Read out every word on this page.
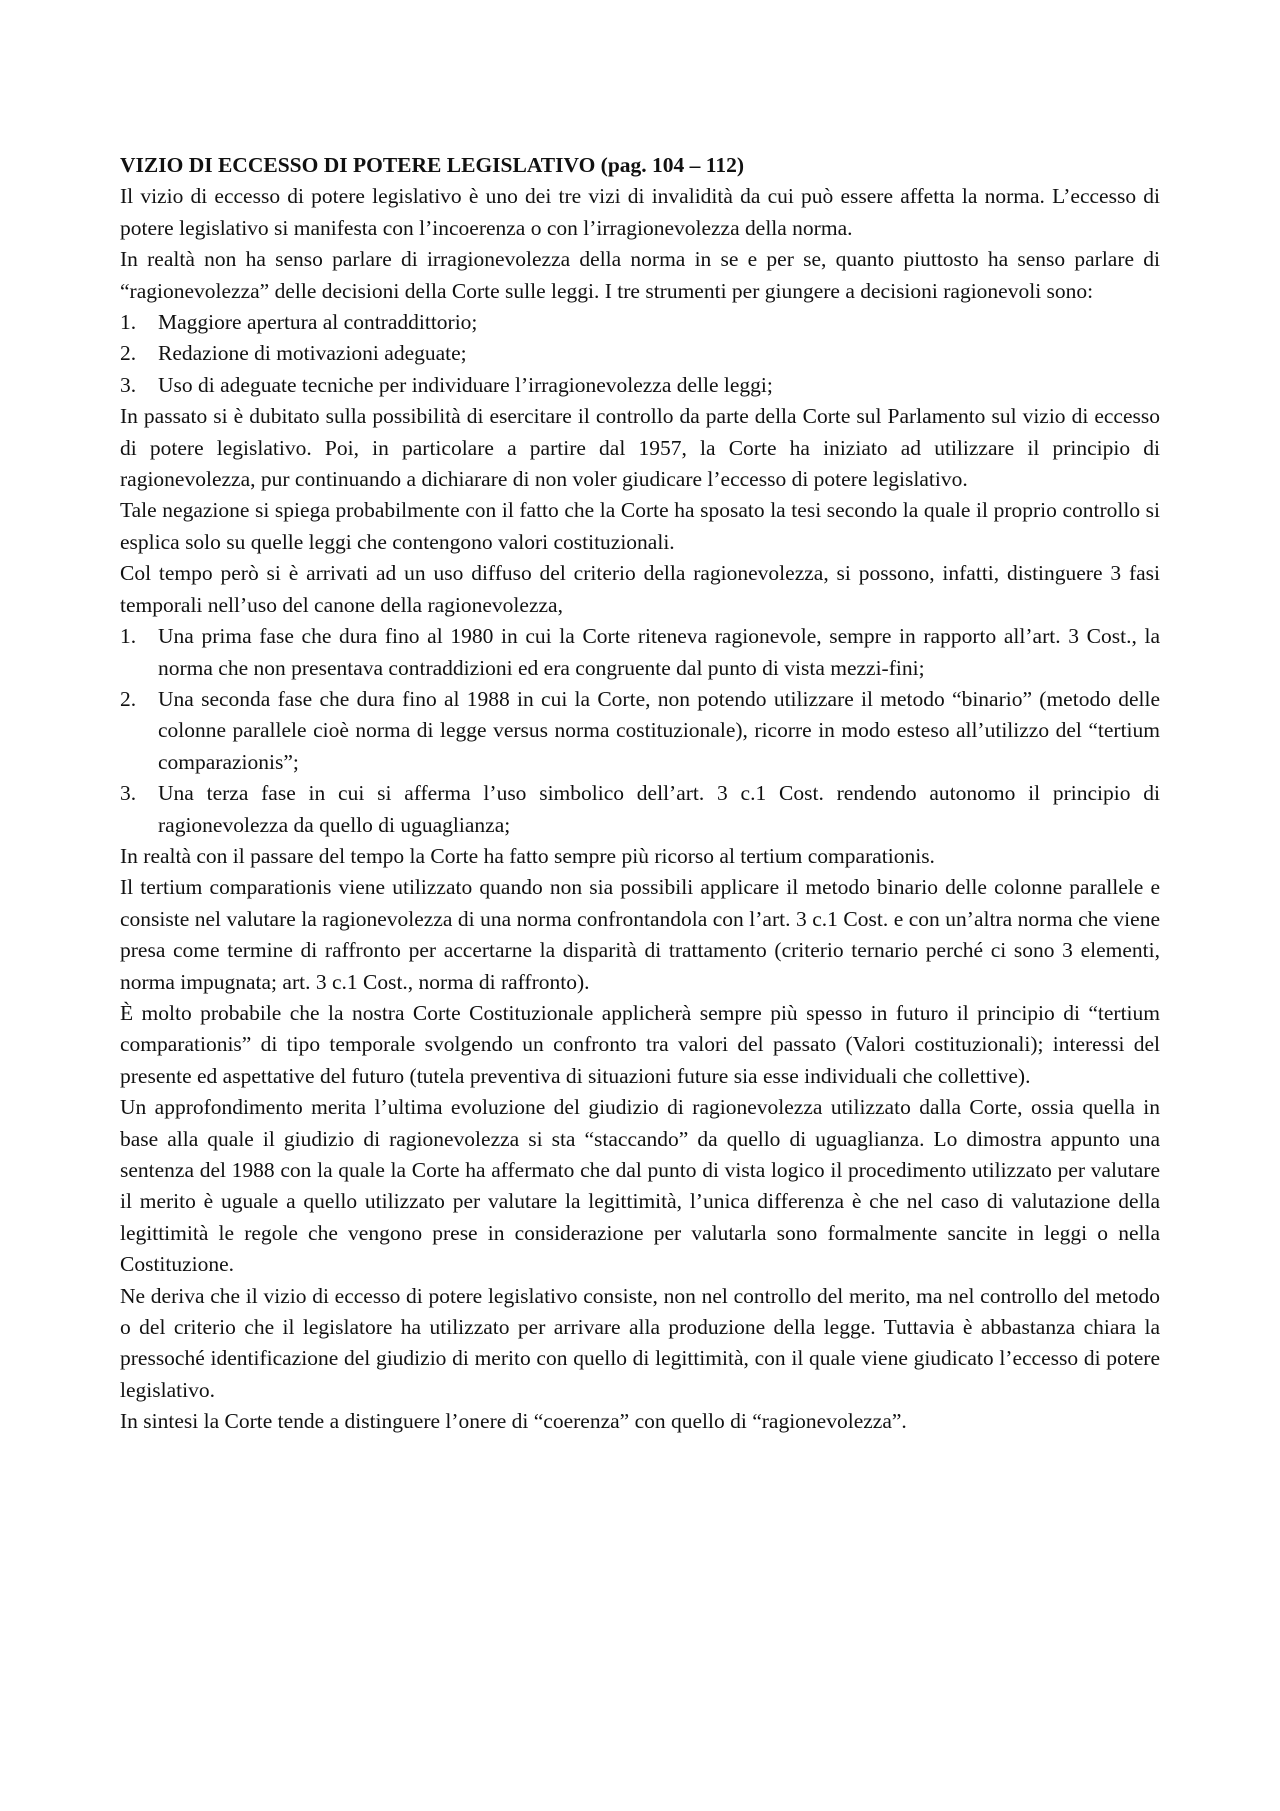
VIZIO DI ECCESSO DI POTERE LEGISLATIVO (pag. 104 – 112)

Il vizio di eccesso di potere legislativo è uno dei tre vizi di invalidità da cui può essere affetta la norma. L’eccesso di potere legislativo si manifesta con l’incoerenza o con l’irragionevolezza della norma.

In realtà non ha senso parlare di irragionevolezza della norma in se e per se, quanto piuttosto ha senso parlare di “ragionevolezza” delle decisioni della Corte sulle leggi. I tre strumenti per giungere a decisioni ragionevoli sono:

1.	Maggiore apertura al contraddittorio;
2.	Redazione di motivazioni adeguate;
3.	Uso di adeguate tecniche per individuare l’irragionevolezza delle leggi;

In passato si è dubitato sulla possibilità di esercitare il controllo da parte della Corte sul Parlamento sul vizio di eccesso di potere legislativo. Poi, in particolare a partire dal 1957, la Corte ha iniziato ad utilizzare il principio di ragionevolezza, pur continuando a dichiarare di non voler giudicare l’eccesso di potere legislativo.

Tale negazione si spiega probabilmente con il fatto che la Corte ha sposato la tesi secondo la quale il proprio controllo si esplica solo su quelle leggi che contengono valori costituzionali.

Col tempo però si è arrivati ad un uso diffuso del criterio della ragionevolezza, si possono, infatti, distinguere 3 fasi temporali nell’uso del canone della ragionevolezza,

1.	Una prima fase che dura fino al 1980 in cui la Corte riteneva ragionevole, sempre in rapporto all’art. 3 Cost., la norma che non presentava contraddizioni ed era congruente dal punto di vista mezzi-fini;
2.	Una seconda fase che dura fino al 1988 in cui la Corte, non potendo utilizzare il metodo “binario” (metodo delle colonne parallele cioè norma di legge versus norma costituzionale), ricorre in modo esteso all’utilizzo del “tertium comparazionis”;
3.	Una terza fase in cui si afferma l’uso simbolico dell’art. 3 c.1 Cost. rendendo autonomo il principio di ragionevolezza da quello di uguaglianza;

In realtà con il passare del tempo la Corte ha fatto sempre più ricorso al tertium comparationis.

Il tertium comparationis viene utilizzato quando non sia possibili applicare il metodo binario delle colonne parallele e consiste nel valutare la ragionevolezza di una norma confrontandola con l’art. 3 c.1 Cost. e con un’altra norma che viene presa come termine di raffronto per accertarne la disparità di trattamento (criterio ternario perché ci sono 3 elementi, norma impugnata; art. 3 c.1 Cost., norma di raffronto).

È molto probabile che la nostra Corte Costituzionale applicherà sempre più spesso in futuro il principio di “tertium comparationis” di tipo temporale svolgendo un confronto tra valori del passato (Valori costituzionali); interessi del presente ed aspettative del futuro (tutela preventiva di situazioni future sia esse individuali che collettive).

Un approfondimento merita l’ultima evoluzione del giudizio di ragionevolezza utilizzato dalla Corte, ossia quella in base alla quale il giudizio di ragionevolezza si sta “staccando” da quello di uguaglianza. Lo dimostra appunto una sentenza del 1988 con la quale la Corte ha affermato che dal punto di vista logico il procedimento utilizzato per valutare il merito è uguale a quello utilizzato per valutare la legittimità, l’unica differenza è che nel caso di valutazione della legittimità le regole che vengono prese in considerazione per valutarla sono formalmente sancite in leggi o nella Costituzione.

Ne deriva che il vizio di eccesso di potere legislativo consiste, non nel controllo del merito, ma nel controllo del metodo o del criterio che il legislatore ha utilizzato per arrivare alla produzione della legge. Tuttavia è abbastanza chiara la pressoché identificazione del giudizio di merito con quello di legittimità, con il quale viene giudicato l’eccesso di potere legislativo.

In sintesi la Corte tende a distinguere l’onere di “coerenza” con quello di “ragionevolezza”.
